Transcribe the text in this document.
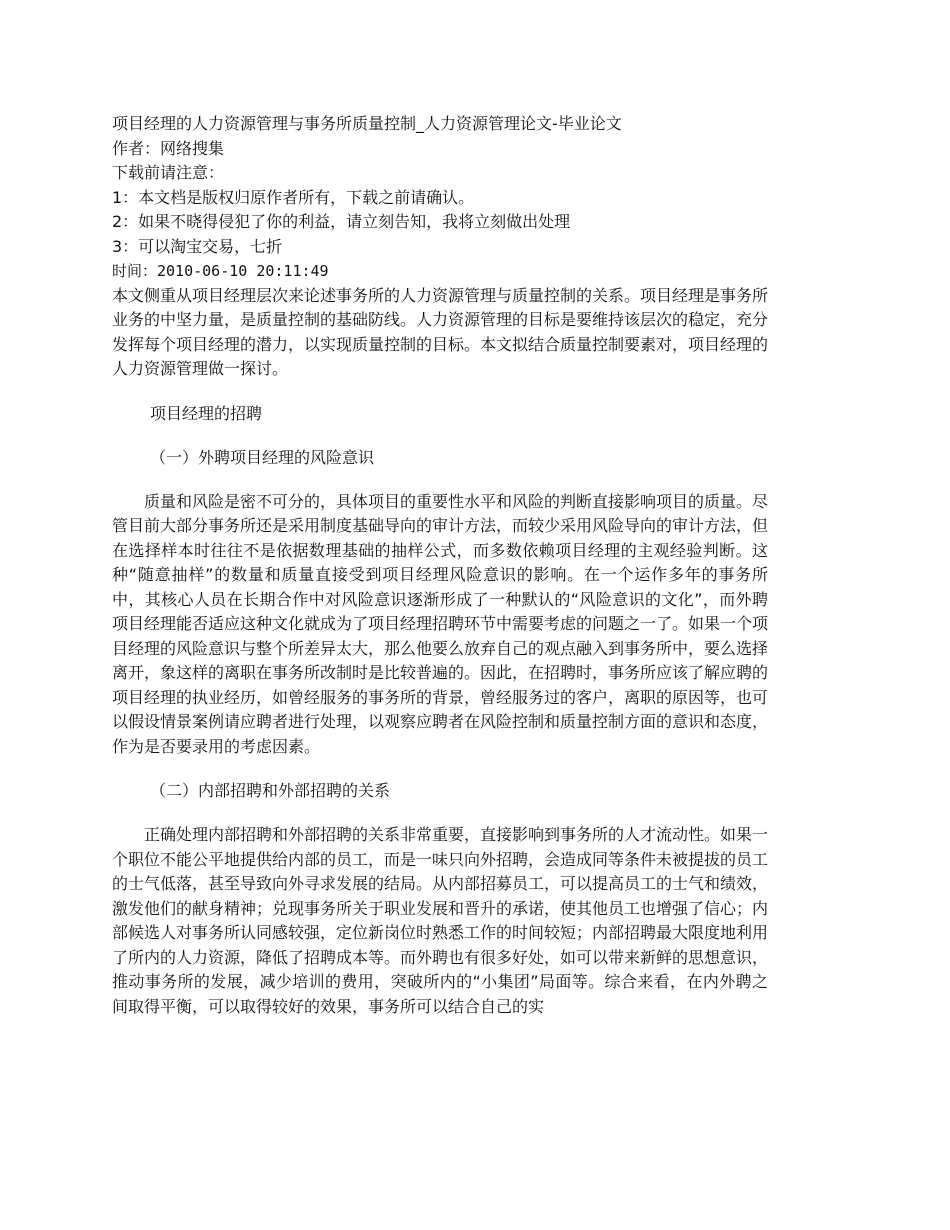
项目经理的人力资源管理与事务所质量控制_人力资源管理论文-毕业论文

作者：网络搜集

下载前请注意：

1：本文档是版权归原作者所有，下载之前请确认。

2：如果不晓得侵犯了你的利益，请立刻告知，我将立刻做出处理

3：可以淘宝交易，七折

时间：2010-06-10 20:11:49

本文侧重从项目经理层次来论述事务所的人力资源管理与质量控制的关系。项目经理是事务所业务的中坚力量，是质量控制的基础防线。人力资源管理的目标是要维持该层次的稳定，充分发挥每个项目经理的潜力，以实现质量控制的目标。本文拟结合质量控制要素对，项目经理的人力资源管理做一探讨。

项目经理的招聘

（一）外聘项目经理的风险意识

质量和风险是密不可分的，具体项目的重要性水平和风险的判断直接影响项目的质量。尽管目前大部分事务所还是采用制度基础导向的审计方法，而较少采用风险导向的审计方法，但在选择样本时往往不是依据数理基础的抽样公式，而多数依赖项目经理的主观经验判断。这种“随意抽样”的数量和质量直接受到项目经理风险意识的影响。在一个运作多年的事务所中，其核心人员在长期合作中对风险意识逐渐形成了一种默认的“风险意识的文化”，而外聘项目经理能否适应这种文化就成为了项目经理招聘环节中需要考虑的问题之一了。如果一个项目经理的风险意识与整个所差异太大，那么他要么放弃自己的观点融入到事务所中，要么选择离开，象这样的离职在事务所改制时是比较普遍的。因此，在招聘时，事务所应该了解应聘的项目经理的执业经历，如曾经服务的事务所的背景，曾经服务过的客户，离职的原因等，也可以假设情景案例请应聘者进行处理，以观察应聘者在风险控制和质量控制方面的意识和态度，作为是否要录用的考虑因素。

（二）内部招聘和外部招聘的关系

正确处理内部招聘和外部招聘的关系非常重要，直接影响到事务所的人才流动性。如果一个职位不能公平地提供给内部的员工，而是一味只向外招聘，会造成同等条件未被提拔的员工的士气低落，甚至导致向外寻求发展的结局。从内部招募员工，可以提高员工的士气和绩效，激发他们的献身精神；兑现事务所关于职业发展和晋升的承诺，使其他员工也增强了信心；内部候选人对事务所认同感较强，定位新岗位时熟悉工作的时间较短；内部招聘最大限度地利用了所内的人力资源，降低了招聘成本等。而外聘也有很多好处，如可以带来新鲜的思想意识，推动事务所的发展，减少培训的费用，突破所内的“小集团”局面等。综合来看，在内外聘之间取得平衡，可以取得较好的效果，事务所可以结合自己的实
